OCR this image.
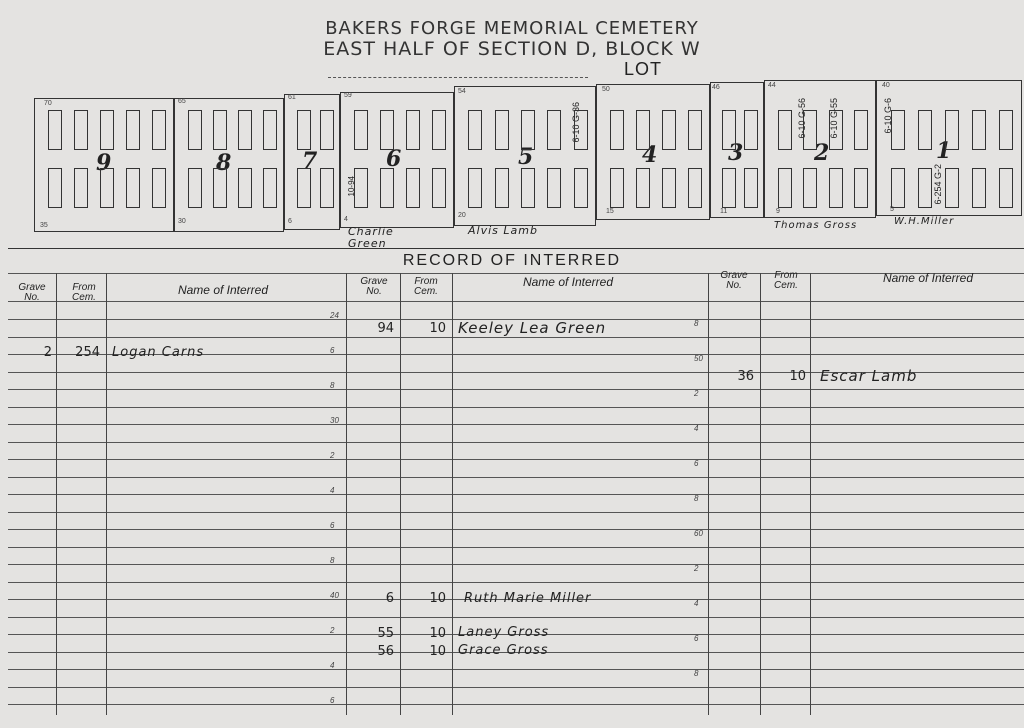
BAKERS FORGE MEMORIAL CEMETERY
EAST HALF OF SECTION D, BLOCK W
LOT
9
70
35
8
65
30
7
61
6
6
59
4
10-94
5
54
20
6-10 G-36
4
50
15
3
46
11
2
44
9
6-10 G-56 6-10 G-55
1
40
5
6-10 G-6
6-254 G-2
Charlie Green
Alvis Lamb	Thomas Gross	W.H.Miller
RECORD OF INTERRED
Grave No.
From Cem.
Name of Interred
Grave No.
From Cem.
Name of Interred	Grave No.
From Cem.
Name of Interred
24
6
8
30
2
4
6
8
40
2
4
6
8
50
2
4
6
8
60
2
4
6
8
2	254 Logan Carns
94	10 Keeley Lea Green
6	10 Ruth Marie Miller
55	10 Laney Gross
56	10 Grace Gross
36	10 Escar Lamb
